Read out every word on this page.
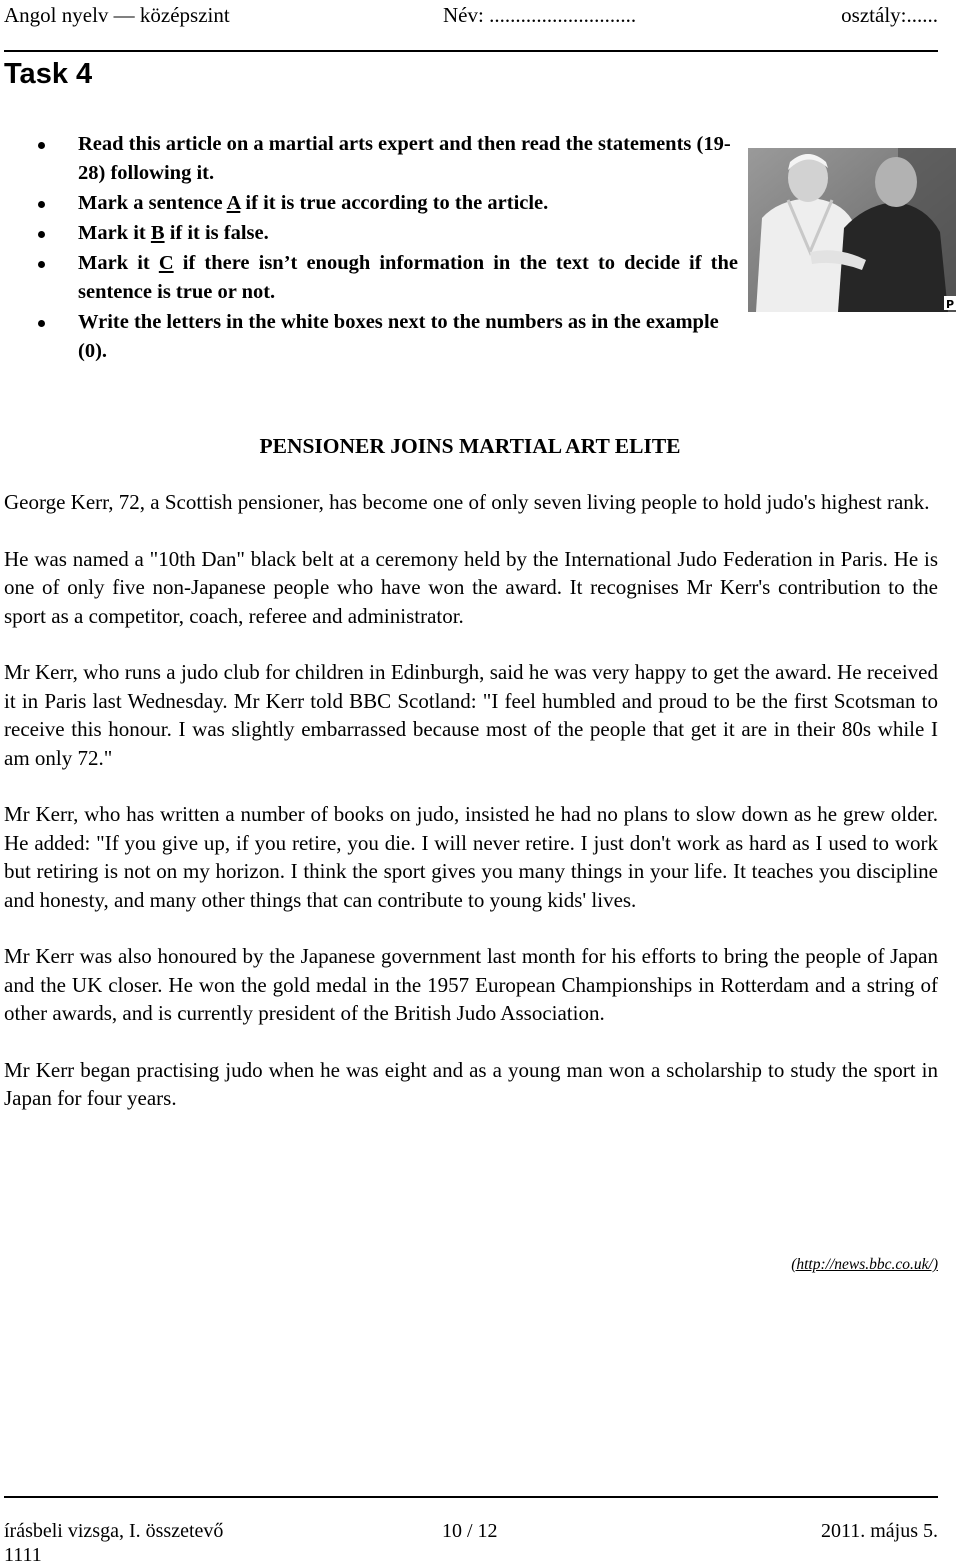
Angol nyelv — középszint	Név: ............................	osztály:......
Task 4
Read this article on a martial arts expert and then read the statements (19-28) following it.
Mark a sentence A if it is true according to the article.
Mark it B if it is false.
Mark it C if there isn’t enough information in the text to decide if the sentence is true or not.
Write the letters in the white boxes next to the numbers as in the example (0).
P
PENSIONER JOINS MARTIAL ART ELITE

George Kerr, 72, a Scottish pensioner, has become one of only seven living people to hold judo's highest rank.

He was named a "10th Dan" black belt at a ceremony held by the International Judo Federation in Paris. He is one of only five non-Japanese people who have won the award. It recognises Mr Kerr's contribution to the sport as a competitor, coach, referee and administrator.

Mr Kerr, who runs a judo club for children in Edinburgh, said he was very happy to get the award. He received it in Paris last Wednesday. Mr Kerr told BBC Scotland: "I feel humbled and proud to be the first Scotsman to receive this honour. I was slightly embarrassed because most of the people that get it are in their 80s while I am only 72."

Mr Kerr, who has written a number of books on judo, insisted he had no plans to slow down as he grew older. He added: "If you give up, if you retire, you die. I will never retire. I just don't work as hard as I used to work but retiring is not on my horizon. I think the sport gives you many things in your life. It teaches you discipline and honesty, and many other things that can contribute to young kids' lives.

Mr Kerr was also honoured by the Japanese government last month for his efforts to bring the people of Japan and the UK closer. He won the gold medal in the 1957 European Championships in Rotterdam and a string of other awards, and is currently president of the British Judo Association.

Mr Kerr began practising judo when he was eight and as a young man won a scholarship to study the sport in Japan for four years.

(http://news.bbc.co.uk/)
írásbeli vizsga, I. összetevő	10 / 12	2011. május 5.
1111
